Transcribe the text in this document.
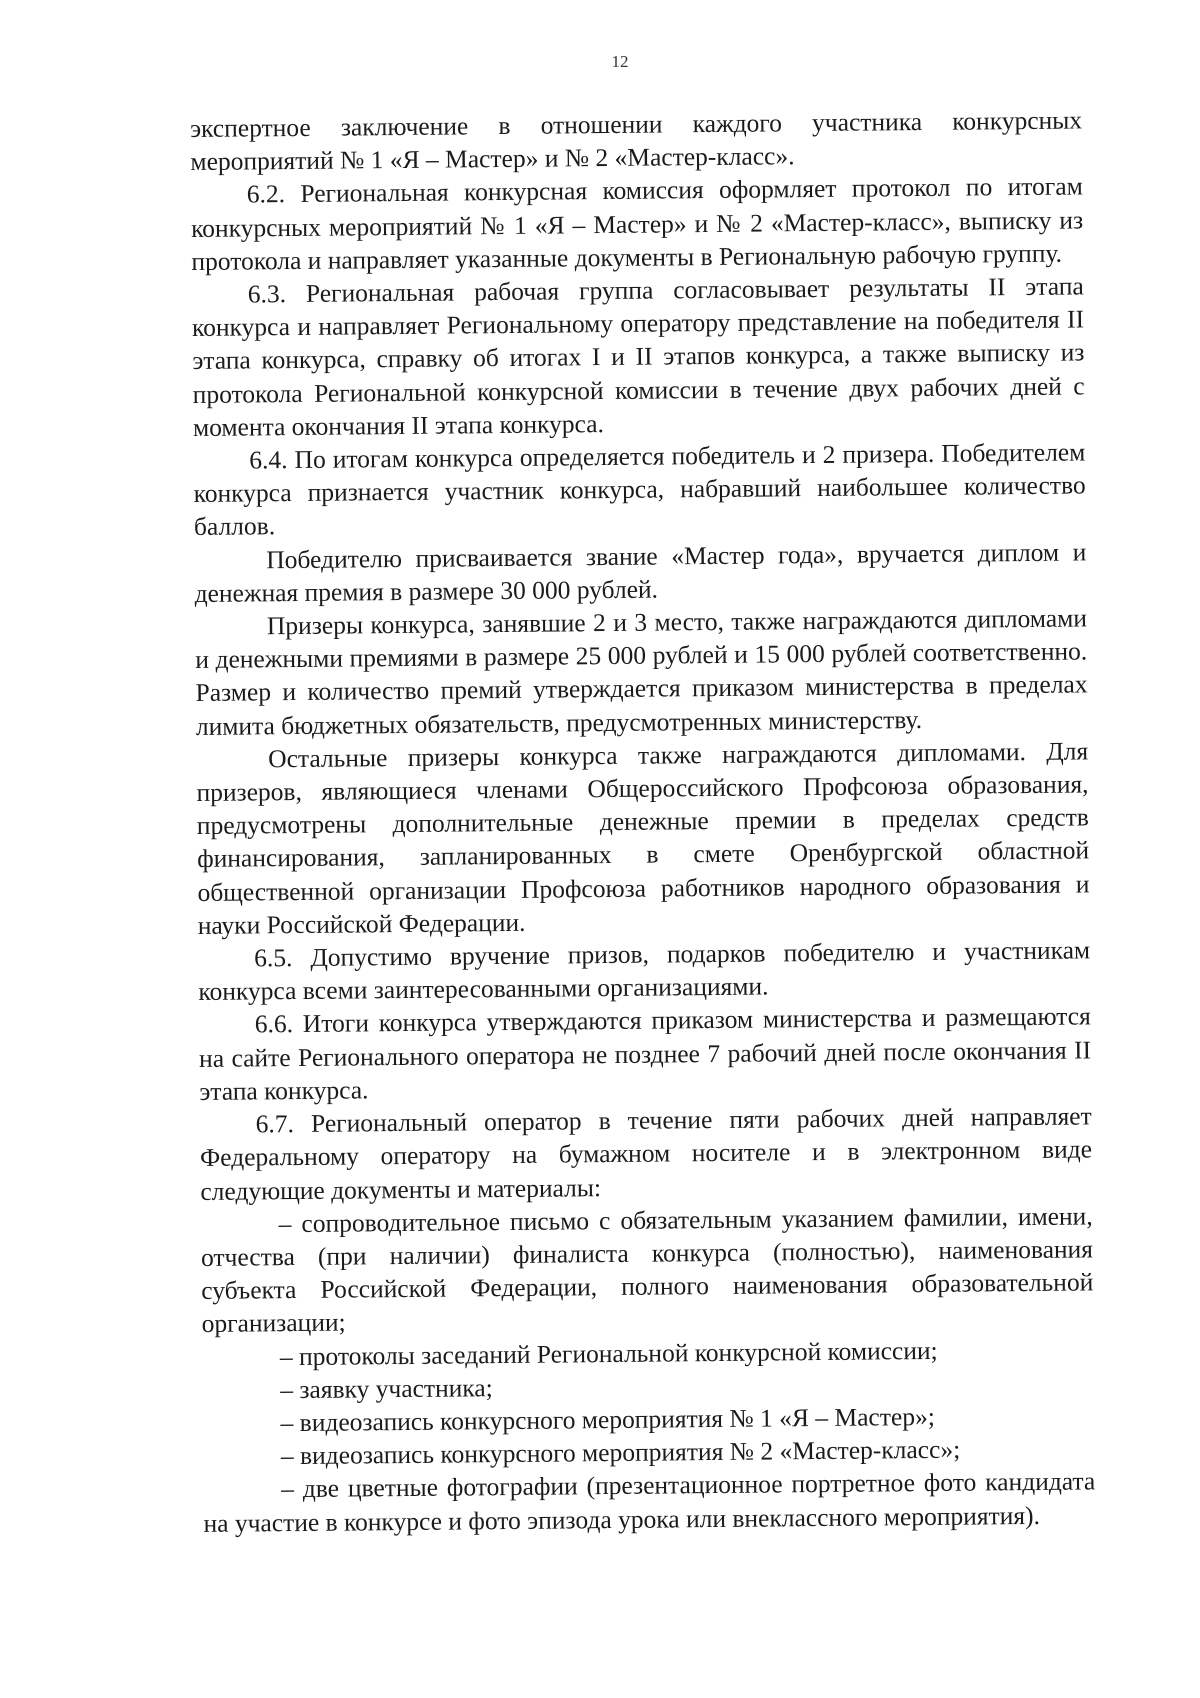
12

экспертное заключение в отношении каждого участника конкурсных мероприятий № 1 «Я – Мастер» и № 2 «Мастер-класс».

6.2. Региональная конкурсная комиссия оформляет протокол по итогам конкурсных мероприятий № 1 «Я – Мастер» и № 2 «Мастер-класс», выписку из протокола и направляет указанные документы в Региональную рабочую группу.

6.3. Региональная рабочая группа согласовывает результаты II этапа конкурса и направляет Региональному оператору представление на победителя II этапа конкурса, справку об итогах I и II этапов конкурса, а также выписку из протокола Региональной конкурсной комиссии в течение двух рабочих дней с момента окончания II этапа конкурса.

6.4. По итогам конкурса определяется победитель и 2 призера. Победителем конкурса признается участник конкурса, набравший наибольшее количество баллов.

Победителю присваивается звание «Мастер года», вручается диплом и денежная премия в размере 30 000 рублей.

Призеры конкурса, занявшие 2 и 3 место, также награждаются дипломами и денежными премиями в размере 25 000 рублей и 15 000 рублей соответственно. Размер и количество премий утверждается приказом министерства в пределах лимита бюджетных обязательств, предусмотренных министерству.

Остальные призеры конкурса также награждаются дипломами. Для призеров, являющиеся членами Общероссийского Профсоюза образования, предусмотрены дополнительные денежные премии в пределах средств финансирования, запланированных в смете Оренбургской областной общественной организации Профсоюза работников народного образования и науки Российской Федерации.

6.5. Допустимо вручение призов, подарков победителю и участникам конкурса всеми заинтересованными организациями.

6.6. Итоги конкурса утверждаются приказом министерства и размещаются на сайте Регионального оператора не позднее 7 рабочий дней после окончания II этапа конкурса.

6.7. Региональный оператор в течение пяти рабочих дней направляет Федеральному оператору на бумажном носителе и в электронном виде следующие документы и материалы:

– сопроводительное письмо с обязательным указанием фамилии, имени, отчества (при наличии) финалиста конкурса (полностью), наименования субъекта Российской Федерации, полного наименования образовательной организации;

– протоколы заседаний Региональной конкурсной комиссии;

– заявку участника;

– видеозапись конкурсного мероприятия № 1 «Я – Мастер»;

– видеозапись конкурсного мероприятия № 2 «Мастер-класс»;

– две цветные фотографии (презентационное портретное фото кандидата на участие в конкурсе и фото эпизода урока или внеклассного мероприятия).
